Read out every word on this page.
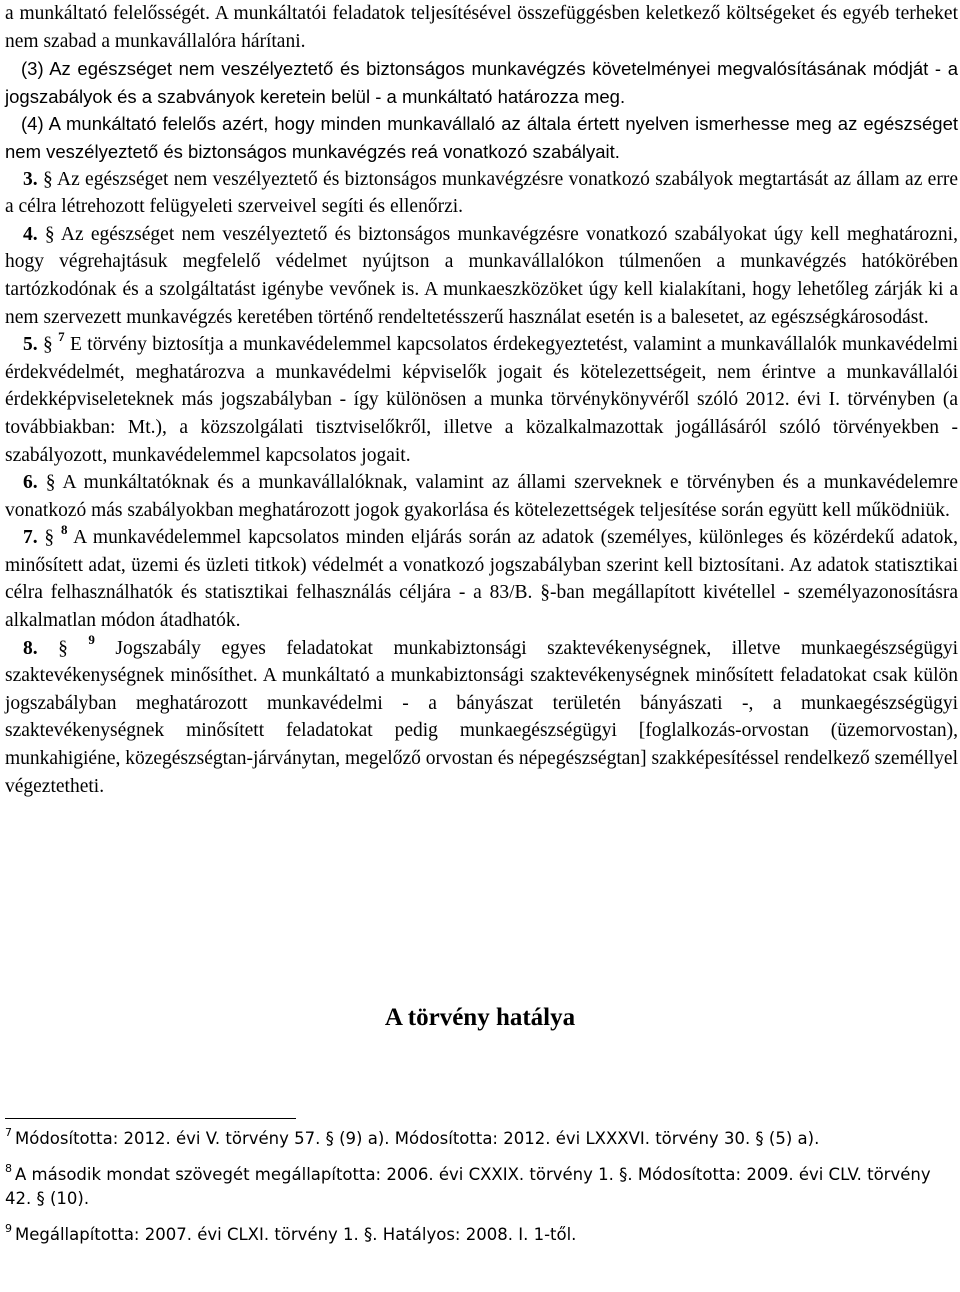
a munkáltató felelősségét. A munkáltatói feladatok teljesítésével összefüggésben keletkező költségeket és egyéb terheket nem szabad a munkavállalóra hárítani.

(3) Az egészséget nem veszélyeztető és biztonságos munkavégzés követelményei megvalósításának módját - a jogszabályok és a szabványok keretein belül - a munkáltató határozza meg.

(4) A munkáltató felelős azért, hogy minden munkavállaló az általa értett nyelven ismerhesse meg az egészséget nem veszélyeztető és biztonságos munkavégzés reá vonatkozó szabályait.

3. § Az egészséget nem veszélyeztető és biztonságos munkavégzésre vonatkozó szabályok megtartását az állam az erre a célra létrehozott felügyeleti szerveivel segíti és ellenőrzi.

4. § Az egészséget nem veszélyeztető és biztonságos munkavégzésre vonatkozó szabályokat úgy kell meghatározni, hogy végrehajtásuk megfelelő védelmet nyújtson a munkavállalókon túlmenően a munkavégzés hatókörében tartózkodónak és a szolgáltatást igénybe vevőnek is. A munkaeszközöket úgy kell kialakítani, hogy lehetőleg zárják ki a nem szervezett munkavégzés keretében történő rendeltetésszerű használat esetén is a balesetet, az egészségkárosodást.

5. § $^7$ E törvény biztosítja a munkavédelemmel kapcsolatos érdekegyeztetést, valamint a munkavállalók munkavédelmi érdekvédelmét, meghatározva a munkavédelmi képviselők jogait és kötelezettségeit, nem érintve a munkavállalói érdekképviseleteknek más jogszabályban - így különösen a munka törvénykönyvéről szóló 2012. évi I. törvényben (a továbbiakban: Mt.), a közszolgálati tisztviselőkről, illetve a közalkalmazottak jogállásáról szóló törvényekben - szabályozott, munkavédelemmel kapcsolatos jogait.

6. § A munkáltatóknak és a munkavállalóknak, valamint az állami szerveknek e törvényben és a munkavédelemre vonatkozó más szabályokban meghatározott jogok gyakorlása és kötelezettségek teljesítése során együtt kell működniük.

7. § $^8$ A munkavédelemmel kapcsolatos minden eljárás során az adatok (személyes, különleges és közérdekű adatok, minősített adat, üzemi és üzleti titkok) védelmét a vonatkozó jogszabályban szerint kell biztosítani. Az adatok statisztikai célra felhasználhatók és statisztikai felhasználás céljára - a 83/B. §-ban megállapított kivétellel - személyazonosításra alkalmatlan módon átadhatók.

8. § $^9$ Jogszabály egyes feladatokat munkabiztonsági szaktevékenységnek, illetve munkaegészségügyi szaktevékenységnek minősíthet. A munkáltató a munkabiztonsági szaktevékenységnek minősített feladatokat csak külön jogszabályban meghatározott munkavédelmi - a bányászat területén bányászati -, a munkaegészségügyi szaktevékenységnek minősített feladatokat pedig munkaegészségügyi [foglalkozás-orvostan (üzemorvostan), munkahigiéne, közegészségtan-járványtan, megelőző orvostan és népegészségtan] szakképesítéssel rendelkező személlyel végeztetheti.

A törvény hatálya

$^7$ Módosította: 2012. évi V. törvény 57. § (9) a). Módosította: 2012. évi LXXXVI. törvény 30. § (5) a).

$^8$ A második mondat szövegét megállapította: 2006. évi CXXIX. törvény 1. §. Módosította: 2009. évi CLV. törvény 42. § (10).

$^9$ Megállapította: 2007. évi CLXI. törvény 1. §. Hatályos: 2008. I. 1-től.
